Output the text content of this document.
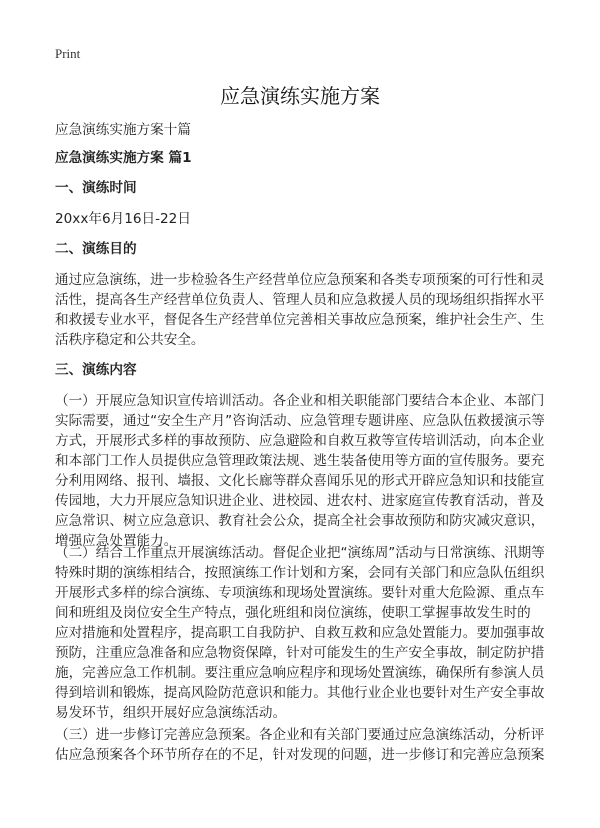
Print
应急演练实施方案
应急演练实施方案十篇
应急演练实施方案 篇1
一、演练时间
20xx年6月16日-22日
二、演练目的
通过应急演练，进一步检验各生产经营单位应急预案和各类专项预案的可行性和灵
活性，提高各生产经营单位负责人、管理人员和应急救援人员的现场组织指挥水平
和救援专业水平，督促各生产经营单位完善相关事故应急预案，维护社会生产、生
活秩序稳定和公共安全。
三、演练内容
（一）开展应急知识宣传培训活动。各企业和相关职能部门要结合本企业、本部门
实际需要，通过“安全生产月”咨询活动、应急管理专题讲座、应急队伍救援演示等
方式，开展形式多样的事故预防、应急避险和自救互救等宣传培训活动，向本企业
和本部门工作人员提供应急管理政策法规、逃生装备使用等方面的宣传服务。要充
分利用网络、报刊、墙报、文化长廊等群众喜闻乐见的形式开辟应急知识和技能宣
传园地，大力开展应急知识进企业、进校园、进农村、进家庭宣传教育活动，普及
应急常识、树立应急意识、教育社会公众，提高全社会事故预防和防灾减灾意识，
增强应急处置能力。
（二）结合工作重点开展演练活动。督促企业把“演练周”活动与日常演练、汛期等
特殊时期的演练相结合，按照演练工作计划和方案，会同有关部门和应急队伍组织
开展形式多样的综合演练、专项演练和现场处置演练。要针对重大危险源、重点车
间和班组及岗位安全生产特点，强化班组和岗位演练，使职工掌握事故发生时的
应对措施和处置程序，提高职工自我防护、自救互救和应急处置能力。要加强事故
预防，注重应急准备和应急物资保障，针对可能发生的生产安全事故，制定防护措
施，完善应急工作机制。要注重应急响应程序和现场处置演练，确保所有参演人员
得到培训和锻炼，提高风险防范意识和能力。其他行业企业也要针对生产安全事故
易发环节，组织开展好应急演练活动。
（三）进一步修订完善应急预案。各企业和有关部门要通过应急演练活动，分析评
估应急预案各个环节所存在的不足，针对发现的问题，进一步修订和完善应急预案
